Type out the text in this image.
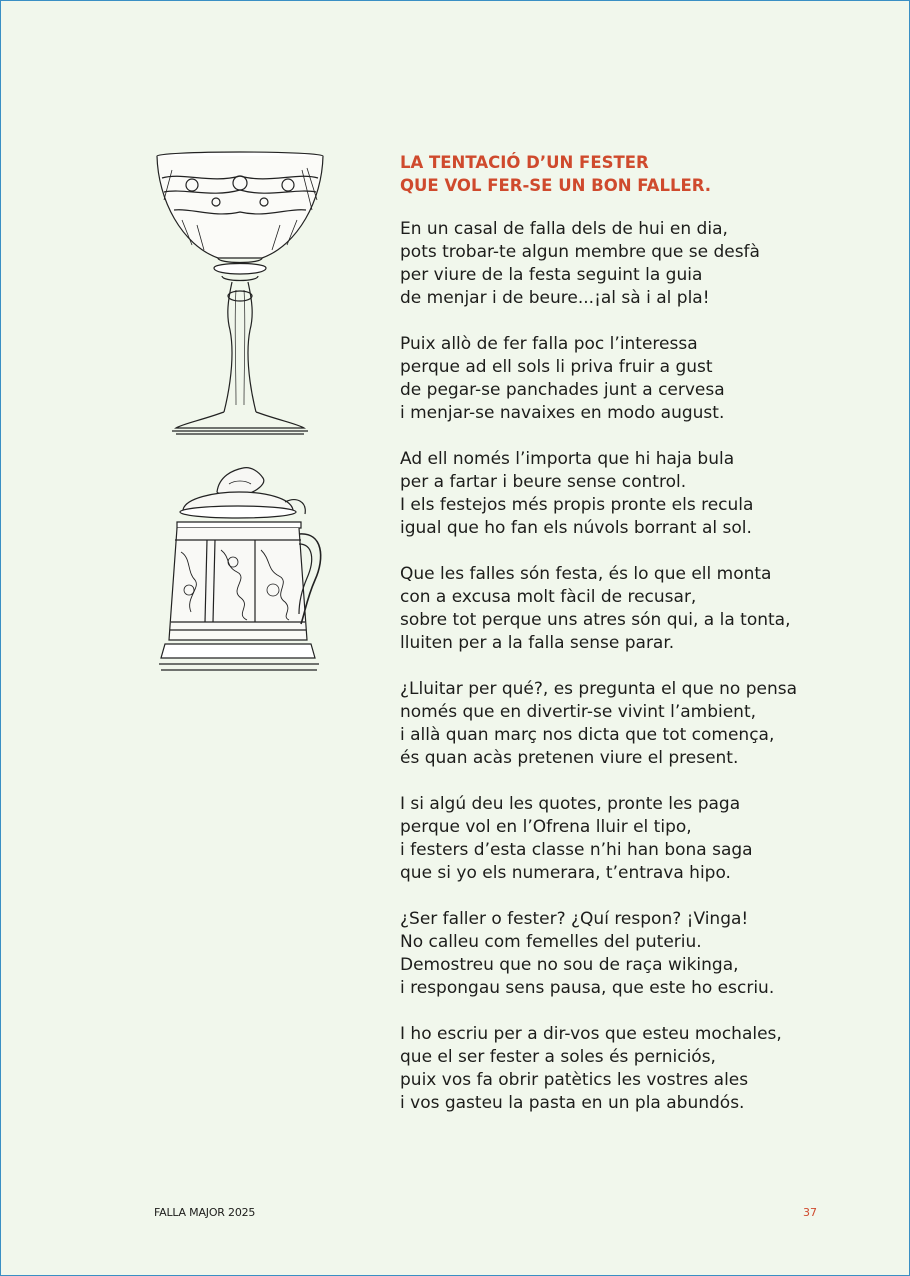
LA TENTACIÓ D’UN FESTER
QUE VOL FER-SE UN BON FALLER.
En un casal de falla dels de hui en dia,
pots trobar-te algun membre que se desfà
per viure de la festa seguint la guia
de menjar i de beure...¡al sà i al pla!
Puix allò de fer falla poc l’interessa
perque ad ell sols li priva fruir a gust
de pegar-se panchades junt a cervesa
i menjar-se navaixes en modo august.
Ad ell només l’importa que hi haja bula
per a fartar i beure sense control.
I els festejos més propis pronte els recula
igual que ho fan els núvols borrant al sol.
Que les falles són festa, és lo que ell monta
con a excusa molt fàcil de recusar,
sobre tot perque uns atres són qui, a la tonta,
lluiten per a la falla sense parar.
¿Lluitar per qué?, es pregunta el que no pensa
només que en divertir-se vivint l’ambient,
i allà quan març nos dicta que tot comença,
és quan acàs pretenen viure el present.
I si algú deu les quotes, pronte les paga
perque vol en l’Ofrena lluir el tipo,
i festers d’esta classe n’hi han bona saga
que si yo els numerara, t’entrava hipo.
¿Ser faller o fester? ¿Quí respon? ¡Vinga!
No calleu com femelles del puteriu.
Demostreu que no sou de raça wikinga,
i respongau sens pausa, que este ho escriu.
I ho escriu per a dir-vos que esteu mochales,
que el ser fester a soles és perniciós,
puix vos fa obrir patètics les vostres ales
i vos gasteu la pasta en un pla abundós.
FALLA MAJOR 2025	37
